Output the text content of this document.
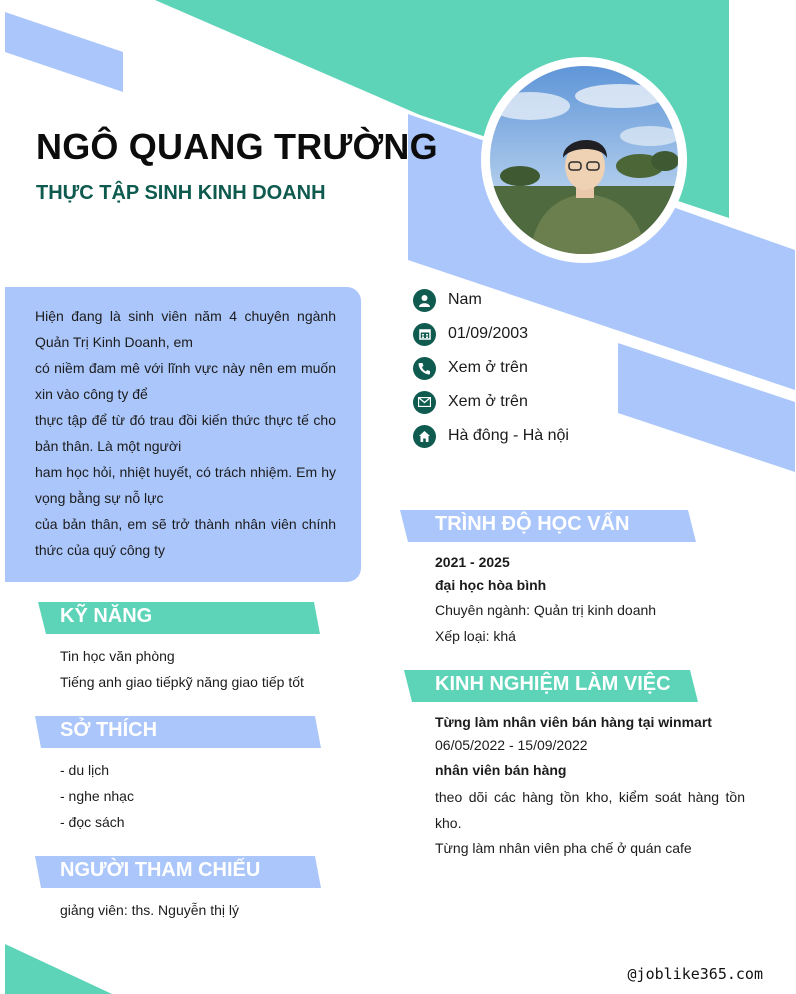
NGÔ QUANG TRƯỜNG
THỰC TẬP SINH KINH DOANH

Hiện đang là sinh viên năm 4 chuyên ngành Quản Trị Kinh Doanh, em
có niềm đam mê với lĩnh vực này nên em muốn xin vào công ty để
thực tập để từ đó trau đồi kiến thức thực tế cho bản thân. Là một người
ham học hỏi, nhiệt huyết, có trách nhiệm. Em hy vọng bằng sự nỗ lực
của bản thân, em sẽ trở thành nhân viên chính thức của quý công ty

Nam
01/09/2003
Xem ở trên
Xem ở trên
Hà đông - Hà nội
KỸ NĂNG
Tin học văn phòng
Tiếng anh giao tiếpkỹ năng giao tiếp tốt
SỞ THÍCH
- du lịch
- nghe nhạc
- đọc sách
NGƯỜI THAM CHIẾU
giảng viên: ths. Nguyễn thị lý
TRÌNH ĐỘ HỌC VẤN
2021 - 2025
đại học hòa bình
Chuyên ngành: Quản trị kinh doanh
Xếp loại: khá
KINH NGHIỆM LÀM VIỆC
Từng làm nhân viên bán hàng tại winmart
06/05/2022 - 15/09/2022
nhân viên bán hàng
theo dõi các hàng tồn kho, kiểm soát hàng tồn kho.
Từng làm nhân viên pha chế ở quán cafe
@joblike365.com
